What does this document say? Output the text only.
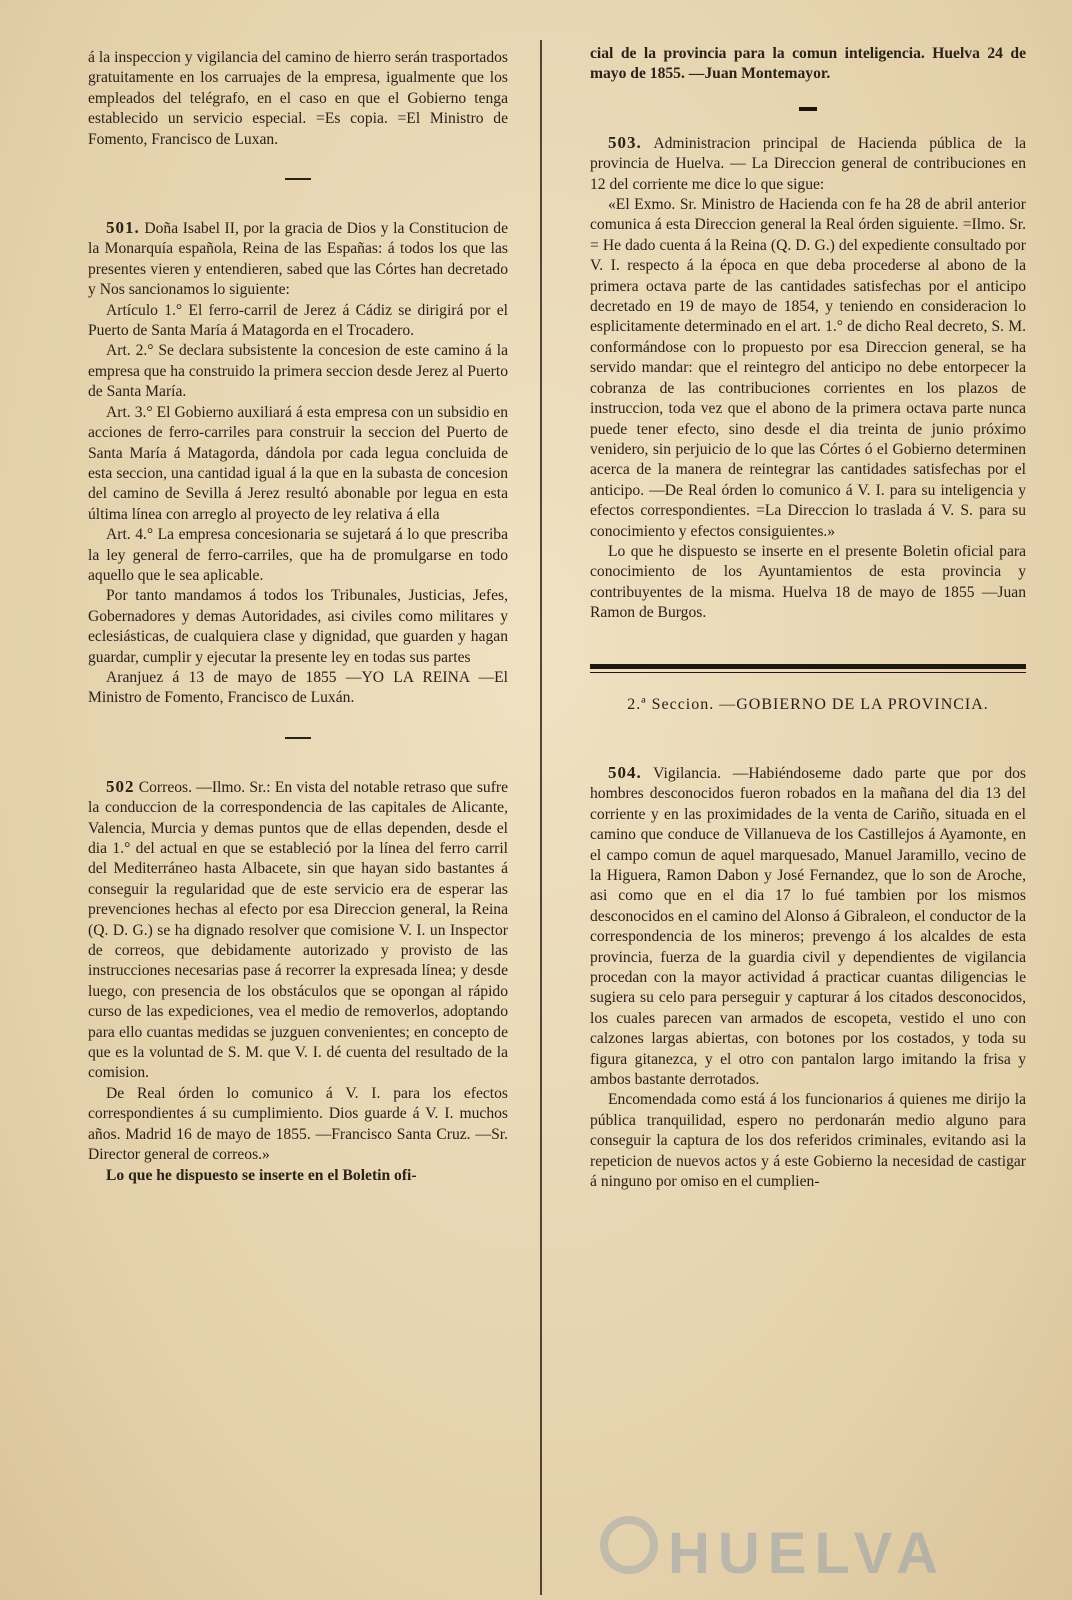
á la inspeccion y vigilancia del camino de hierro serán trasportados gratuitamente en los carruajes de la empresa, igualmente que los empleados del telégrafo, en el caso en que el Gobierno tenga establecido un servicio especial. =Es copia. =El Ministro de Fomento, Francisco de Luxan.

501. Doña Isabel II, por la gracia de Dios y la Constitucion de la Monarquía española, Reina de las Españas: á todos los que las presentes vieren y entendieren, sabed que las Córtes han decretado y Nos sancionamos lo siguiente:

Artículo 1.° El ferro-carril de Jerez á Cádiz se dirigirá por el Puerto de Santa María á Matagorda en el Trocadero.

Art. 2.° Se declara subsistente la concesion de este camino á la empresa que ha construido la primera seccion desde Jerez al Puerto de Santa María.

Art. 3.° El Gobierno auxiliará á esta empresa con un subsidio en acciones de ferro-carriles para construir la seccion del Puerto de Santa María á Matagorda, dándola por cada legua concluida de esta seccion, una cantidad igual á la que en la subasta de concesion del camino de Sevilla á Jerez resultó abonable por legua en esta última línea con arreglo al proyecto de ley relativa á ella

Art. 4.° La empresa concesionaria se sujetará á lo que prescriba la ley general de ferro-carriles, que ha de promulgarse en todo aquello que le sea aplicable.

Por tanto mandamos á todos los Tribunales, Justicias, Jefes, Gobernadores y demas Autoridades, asi civiles como militares y eclesiásticas, de cualquiera clase y dignidad, que guarden y hagan guardar, cumplir y ejecutar la presente ley en todas sus partes

Aranjuez á 13 de mayo de 1855 —YO LA REINA —El Ministro de Fomento, Francisco de Luxán.

502 Correos. —Ilmo. Sr.: En vista del notable retraso que sufre la conduccion de la correspondencia de las capitales de Alicante, Valencia, Murcia y demas puntos que de ellas dependen, desde el dia 1.° del actual en que se estableció por la línea del ferro carril del Mediterráneo hasta Albacete, sin que hayan sido bastantes á conseguir la regularidad que de este servicio era de esperar las prevenciones hechas al efecto por esa Direccion general, la Reina (Q. D. G.) se ha dignado resolver que comisione V. I. un Inspector de correos, que debidamente autorizado y provisto de las instrucciones necesarias pase á recorrer la expresada línea; y desde luego, con presencia de los obstáculos que se opongan al rápido curso de las expediciones, vea el medio de removerlos, adoptando para ello cuantas medidas se juzguen convenientes; en concepto de que es la voluntad de S. M. que V. I. dé cuenta del resultado de la comision.

De Real órden lo comunico á V. I. para los efectos correspondientes á su cumplimiento. Dios guarde á V. I. muchos años. Madrid 16 de mayo de 1855. —Francisco Santa Cruz. —Sr. Director general de correos.»

Lo que he dispuesto se inserte en el Boletin ofi-

cial de la provincia para la comun inteligencia. Huelva 24 de mayo de 1855. —Juan Montemayor.

503. Administracion principal de Hacienda pública de la provincia de Huelva. — La Direccion general de contribuciones en 12 del corriente me dice lo que sigue:

«El Exmo. Sr. Ministro de Hacienda con fe ha 28 de abril anterior comunica á esta Direccion general la Real órden siguiente. =Ilmo. Sr. = He dado cuenta á la Reina (Q. D. G.) del expediente consultado por V. I. respecto á la época en que deba procederse al abono de la primera octava parte de las cantidades satisfechas por el anticipo decretado en 19 de mayo de 1854, y teniendo en consideracion lo esplicitamente determinado en el art. 1.° de dicho Real decreto, S. M. conformándose con lo propuesto por esa Direccion general, se ha servido mandar: que el reintegro del anticipo no debe entorpecer la cobranza de las contribuciones corrientes en los plazos de instruccion, toda vez que el abono de la primera octava parte nunca puede tener efecto, sino desde el dia treinta de junio próximo venidero, sin perjuicio de lo que las Córtes ó el Gobierno determinen acerca de la manera de reintegrar las cantidades satisfechas por el anticipo. —De Real órden lo comunico á V. I. para su inteligencia y efectos correspondientes. =La Direccion lo traslada á V. S. para su conocimiento y efectos consiguientes.»

Lo que he dispuesto se inserte en el presente Boletin oficial para conocimiento de los Ayuntamientos de esta provincia y contribuyentes de la misma. Huelva 18 de mayo de 1855 —Juan Ramon de Burgos.

2.ª Seccion. —GOBIERNO DE LA PROVINCIA.

504. Vigilancia. —Habiéndoseme dado parte que por dos hombres desconocidos fueron robados en la mañana del dia 13 del corriente y en las proximidades de la venta de Cariño, situada en el camino que conduce de Villanueva de los Castillejos á Ayamonte, en el campo comun de aquel marquesado, Manuel Jaramillo, vecino de la Higuera, Ramon Dabon y José Fernandez, que lo son de Aroche, asi como que en el dia 17 lo fué tambien por los mismos desconocidos en el camino del Alonso á Gibraleon, el conductor de la correspondencia de los mineros; prevengo á los alcaldes de esta provincia, fuerza de la guardia civil y dependientes de vigilancia procedan con la mayor actividad á practicar cuantas diligencias le sugiera su celo para perseguir y capturar á los citados desconocidos, los cuales parecen van armados de escopeta, vestido el uno con calzones largas abiertas, con botones por los costados, y toda su figura gitanezca, y el otro con pantalon largo imitando la frisa y ambos bastante derrotados.

Encomendada como está á los funcionarios á quienes me dirijo la pública tranquilidad, espero no perdonarán medio alguno para conseguir la captura de los dos referidos criminales, evitando asi la repeticion de nuevos actos y á este Gobierno la necesidad de castigar á ninguno por omiso en el cumplien-

HUELVA
